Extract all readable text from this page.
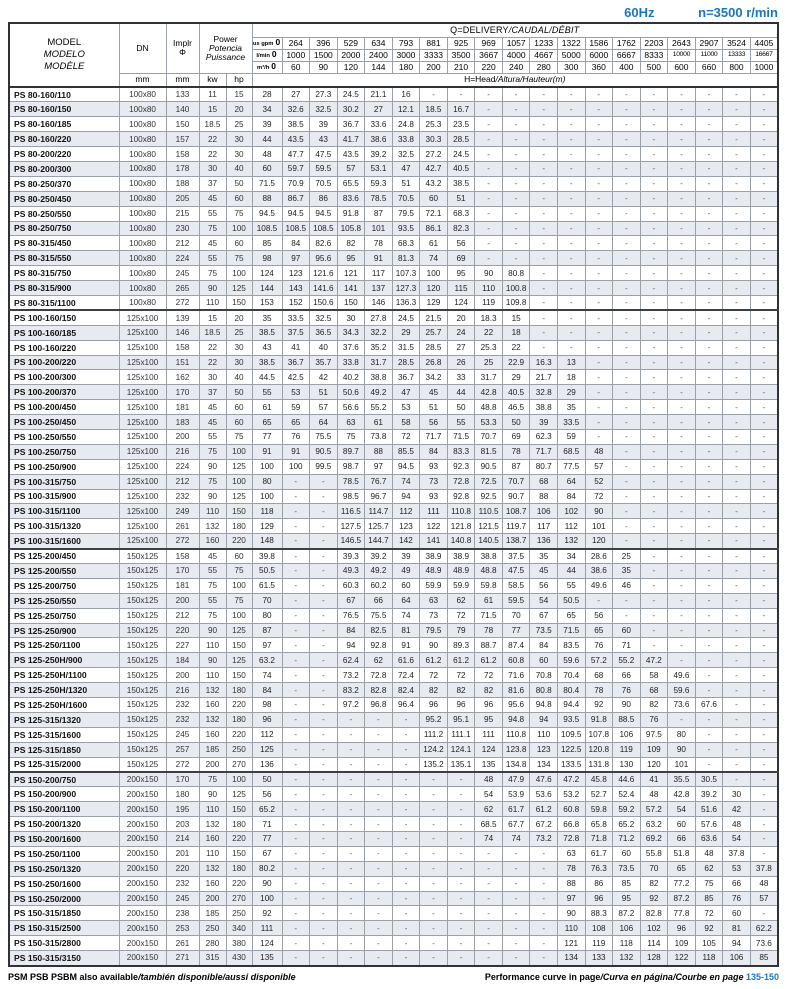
60Hz	n=3500 r/min
MODEL
MODELO
MODÈLE
	DN	Implr
Φ

Power
Potencia
Puissance
	Q=DELIVERY/CAUDAL/DÉBIT
					us gpm 0	264	396	529	634	793	881	925	969	1057	1233	1322	1586	1762	2203	2643	2907	3524	4405
					l/min 0	1000	1500	2000	2400	3000	3333	3500	3667	4000	4667	5000	6000	6667	8333	10000	11000	13333	16667
					m³/h 0	60	90	120	144	180	200	210	220	240	280	300	360	400	500	600	660	800	1000
	mm	mm	kw	hp	H=Head/Altura/Hauteur(m)																		
PS 80-160/110	100x80	133	11	15	28	27	27.3	24.5	21.1	16	-	-	-	-	-	-	-	-	-	-	-	-	-
PS 80-160/150	100x80	140	15	20	34	32.6	32.5	30.2	27	12.1	18.5	16.7	-	-	-	-	-	-	-	-	-	-	-
PS 80-160/185	100x80	150	18.5	25	39	38.5	39	36.7	33.6	24.8	25.3	23.5	-	-	-	-	-	-	-	-	-	-	-
PS 80-160/220	100x80	157	22	30	44	43.5	43	41.7	38.6	33.8	30.3	28.5	-	-	-	-	-	-	-	-	-	-	-
PS 80-200/220	100x80	158	22	30	48	47.7	47.5	43.5	39.2	32.5	27.2	24.5	-	-	-	-	-	-	-	-	-	-	-
PS 80-200/300	100x80	178	30	40	60	59.7	59.5	57	53.1	47	42.7	40.5	-	-	-	-	-	-	-	-	-	-	-
PS 80-250/370	100x80	188	37	50	71.5	70.9	70.5	65.5	59.3	51	43.2	38.5	-	-	-	-	-	-	-	-	-	-	-
PS 80-250/450	100x80	205	45	60	88	86.7	86	83.6	78.5	70.5	60	51	-	-	-	-	-	-	-	-	-	-	-
PS 80-250/550	100x80	215	55	75	94.5	94.5	94.5	91.8	87	79.5	72.1	68.3	-	-	-	-	-	-	-	-	-	-	-
PS 80-250/750	100x80	230	75	100	108.5	108.5	108.5	105.8	101	93.5	86.1	82.3	-	-	-	-	-	-	-	-	-	-	-
PS 80-315/450	100x80	212	45	60	85	84	82.6	82	78	68.3	61	56	-	-	-	-	-	-	-	-	-	-	-
PS 80-315/550	100x80	224	55	75	98	97	95.6	95	91	81.3	74	69	-	-	-	-	-	-	-	-	-	-	-
PS 80-315/750	100x80	245	75	100	124	123	121.6	121	117	107.3	100	95	90	80.8	-	-	-	-	-	-	-	-	-
PS 80-315/900	100x80	265	90	125	144	143	141.6	141	137	127.3	120	115	110	100.8	-	-	-	-	-	-	-	-	-
PS 80-315/1100	100x80	272	110	150	153	152	150.6	150	146	136.3	129	124	119	109.8	-	-	-	-	-	-	-	-	-
PS 100-160/150	125x100	139	15	20	35	33.5	32.5	30	27.8	24.5	21.5	20	18.3	15	-	-	-	-	-	-	-	-	-
PS 100-160/185	125x100	146	18.5	25	38.5	37.5	36.5	34.3	32.2	29	25.7	24	22	18	-	-	-	-	-	-	-	-	-
PS 100-160/220	125x100	158	22	30	43	41	40	37.6	35.2	31.5	28.5	27	25.3	22	-	-	-	-	-	-	-	-	-
PS 100-200/220	125x100	151	22	30	38.5	36.7	35.7	33.8	31.7	28.5	26.8	26	25	22.9	16.3	13	-	-	-	-	-	-	-
PS 100-200/300	125x100	162	30	40	44.5	42.5	42	40.2	38.8	36.7	34.2	33	31.7	29	21.7	18	-	-	-	-	-	-	-
PS 100-200/370	125x100	170	37	50	55	53	51	50.6	49.2	47	45	44	42.8	40.5	32.8	29	-	-	-	-	-	-	-
PS 100-200/450	125x100	181	45	60	61	59	57	56.6	55.2	53	51	50	48.8	46.5	38.8	35	-	-	-	-	-	-	-
PS 100-250/450	125x100	183	45	60	65	65	64	63	61	58	56	55	53.3	50	39	33.5	-	-	-	-	-	-	-
PS 100-250/550	125x100	200	55	75	77	76	75.5	75	73.8	72	71.7	71.5	70.7	69	62.3	59	-	-	-	-	-	-	-
PS 100-250/750	125x100	216	75	100	91	91	90.5	89.7	88	85.5	84	83.3	81.5	78	71.7	68.5	48	-	-	-	-	-	-
PS 100-250/900	125x100	224	90	125	100	100	99.5	98.7	97	94.5	93	92.3	90.5	87	80.7	77.5	57	-	-	-	-	-	-
PS 100-315/750	125x100	212	75	100	80	-	-	78.5	76.7	74	73	72.8	72.5	70.7	68	64	52	-	-	-	-	-	-
PS 100-315/900	125x100	232	90	125	100	-	-	98.5	96.7	94	93	92.8	92.5	90.7	88	84	72	-	-	-	-	-	-
PS 100-315/1100	125x100	249	110	150	118	-	-	116.5	114.7	112	111	110.8	110.5	108.7	106	102	90	-	-	-	-	-	-
PS 100-315/1320	125x100	261	132	180	129	-	-	127.5	125.7	123	122	121.8	121.5	119.7	117	112	101	-	-	-	-	-	-
PS 100-315/1600	125x100	272	160	220	148	-	-	146.5	144.7	142	141	140.8	140.5	138.7	136	132	120	-	-	-	-	-	-
PS 125-200/450	150x125	158	45	60	39.8	-	-	39.3	39.2	39	38.9	38.9	38.8	37.5	35	34	28.6	25	-	-	-	-	-
PS 125-200/550	150x125	170	55	75	50.5	-	-	49.3	49.2	49	48.9	48.9	48.8	47.5	45	44	38.6	35	-	-	-	-	-
PS 125-200/750	150x125	181	75	100	61.5	-	-	60.3	60.2	60	59.9	59.9	59.8	58.5	56	55	49.6	46	-	-	-	-	-
PS 125-250/550	150x125	200	55	75	70	-	-	67	66	64	63	62	61	59.5	54	50.5	-	-	-	-	-	-	-
PS 125-250/750	150x125	212	75	100	80	-	-	76.5	75.5	74	73	72	71.5	70	67	65	56	-	-	-	-	-	-
PS 125-250/900	150x125	220	90	125	87	-	-	84	82.5	81	79.5	79	78	77	73.5	71.5	65	60	-	-	-	-	-
PS 125-250/1100	150x125	227	110	150	97	-	-	94	92.8	91	90	89.3	88.7	87.4	84	83.5	76	71	-	-	-	-	-
PS 125-250H/900	150x125	184	90	125	63.2	-	-	62.4	62	61.6	61.2	61.2	61.2	60.8	60	59.6	57.2	55.2	47.2	-	-	-	-
PS 125-250H/1100	150x125	200	110	150	74	-	-	73.2	72.8	72.4	72	72	72	71.6	70.8	70.4	68	66	58	49.6	-	-	-
PS 125-250H/1320	150x125	216	132	180	84	-	-	83.2	82.8	82.4	82	82	82	81.6	80.8	80.4	78	76	68	59.6	-	-	-
PS 125-250H/1600	150x125	232	160	220	98	-	-	97.2	96.8	96.4	96	96	96	95.6	94.8	94.4	92	90	82	73.6	67.6	-	-
PS 125-315/1320	150x125	232	132	180	96	-	-	-	-	-	95.2	95.1	95	94.8	94	93.5	91.8	88.5	76	-	-	-	-
PS 125-315/1600	150x125	245	160	220	112	-	-	-	-	-	111.2	111.1	111	110.8	110	109.5	107.8	106	97.5	80	-	-	-
PS 125-315/1850	150x125	257	185	250	125	-	-	-	-	-	124.2	124.1	124	123.8	123	122.5	120.8	119	109	90	-	-	-
PS 125-315/2000	150x125	272	200	270	136	-	-	-	-	-	135.2	135.1	135	134.8	134	133.5	131.8	130	120	101	-	-	-
PS 150-200/750	200x150	170	75	100	50	-	-	-	-	-	-	-	48	47.9	47.6	47.2	45.8	44.6	41	35.5	30.5	-	-
PS 150-200/900	200x150	180	90	125	56	-	-	-	-	-	-	-	54	53.9	53.6	53.2	52.7	52.4	48	42.8	39.2	30	-
PS 150-200/1100	200x150	195	110	150	65.2	-	-	-	-	-	-	-	62	61.7	61.2	60.8	59.8	59.2	57.2	54	51.6	42	-
PS 150-200/1320	200x150	203	132	180	71	-	-	-	-	-	-	-	68.5	67.7	67.2	66.8	65.8	65.2	63.2	60	57.6	48	-
PS 150-200/1600	200x150	214	160	220	77	-	-	-	-	-	-	-	74	74	73.2	72.8	71.8	71.2	69.2	66	63.6	54	-
PS 150-250/1100	200x150	201	110	150	67	-	-	-	-	-	-	-	-	-	-	63	61.7	60	55.8	51.8	48	37.8	-
PS 150-250/1320	200x150	220	132	180	80.2	-	-	-	-	-	-	-	-	-	-	78	76.3	73.5	70	65	62	53	37.8
PS 150-250/1600	200x150	232	160	220	90	-	-	-	-	-	-	-	-	-	-	88	86	85	82	77.2	75	66	48
PS 150-250/2000	200x150	245	200	270	100	-	-	-	-	-	-	-	-	-	-	97	96	95	92	87.2	85	76	57
PS 150-315/1850	200x150	238	185	250	92	-	-	-	-	-	-	-	-	-	-	90	88.3	87.2	82.8	77.8	72	60	-
PS 150-315/2500	200x150	253	250	340	111	-	-	-	-	-	-	-	-	-	-	110	108	106	102	96	92	81	62.2
PS 150-315/2800	200x150	261	280	380	124	-	-	-	-	-	-	-	-	-	-	121	119	118	114	109	105	94	73.6
PS 150-315/3150	200x150	271	315	430	135	-	-	-	-	-	-	-	-	-	-	134	133	132	128	122	118	106	85
PSM PSB PSBM also available/también disponible/aussi disponible	Performance curve in page/Curva en página/Courbe en page 135-150
